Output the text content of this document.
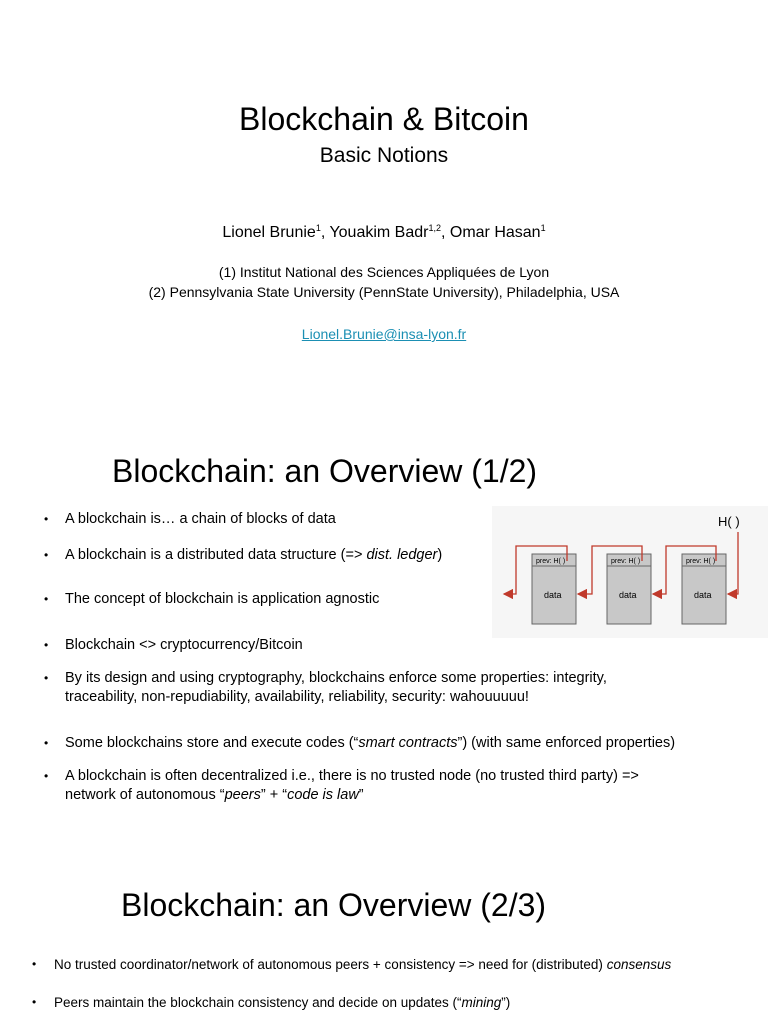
Blockchain & Bitcoin
Basic Notions
Lionel Brunie$^1$, Youakim Badr$^{1,2}$, Omar Hasan$^1$
(1) Institut National des Sciences Appliquées de Lyon
(2) Pennsylvania State University (PennState University), Philadelphia, USA
Lionel.Brunie@insa-lyon.fr
Blockchain: an Overview (1/2)
• A blockchain is… a chain of blocks of data
• A blockchain is a distributed data structure (=> dist. ledger)
• The concept of blockchain is application agnostic
• Blockchain <> cryptocurrency/Bitcoin
• By its design and using cryptography, blockchains enforce some properties: integrity,
traceability, non-repudiability, availability, reliability, security: wahouuuuu!
• Some blockchains store and execute codes (“smart contracts”) (with same enforced properties)
• A blockchain is often decentralized i.e., there is no trusted node (no trusted third party) =>
network of autonomous “peers” + “code is law”
H( )
prev: H( )
data
prev: H( )
data
prev: H( )
data
Blockchain: an Overview (2/3)
• No trusted coordinator/network of autonomous peers + consistency => need for (distributed) consensus
• Peers maintain the blockchain consistency and decide on updates (“mining”)
